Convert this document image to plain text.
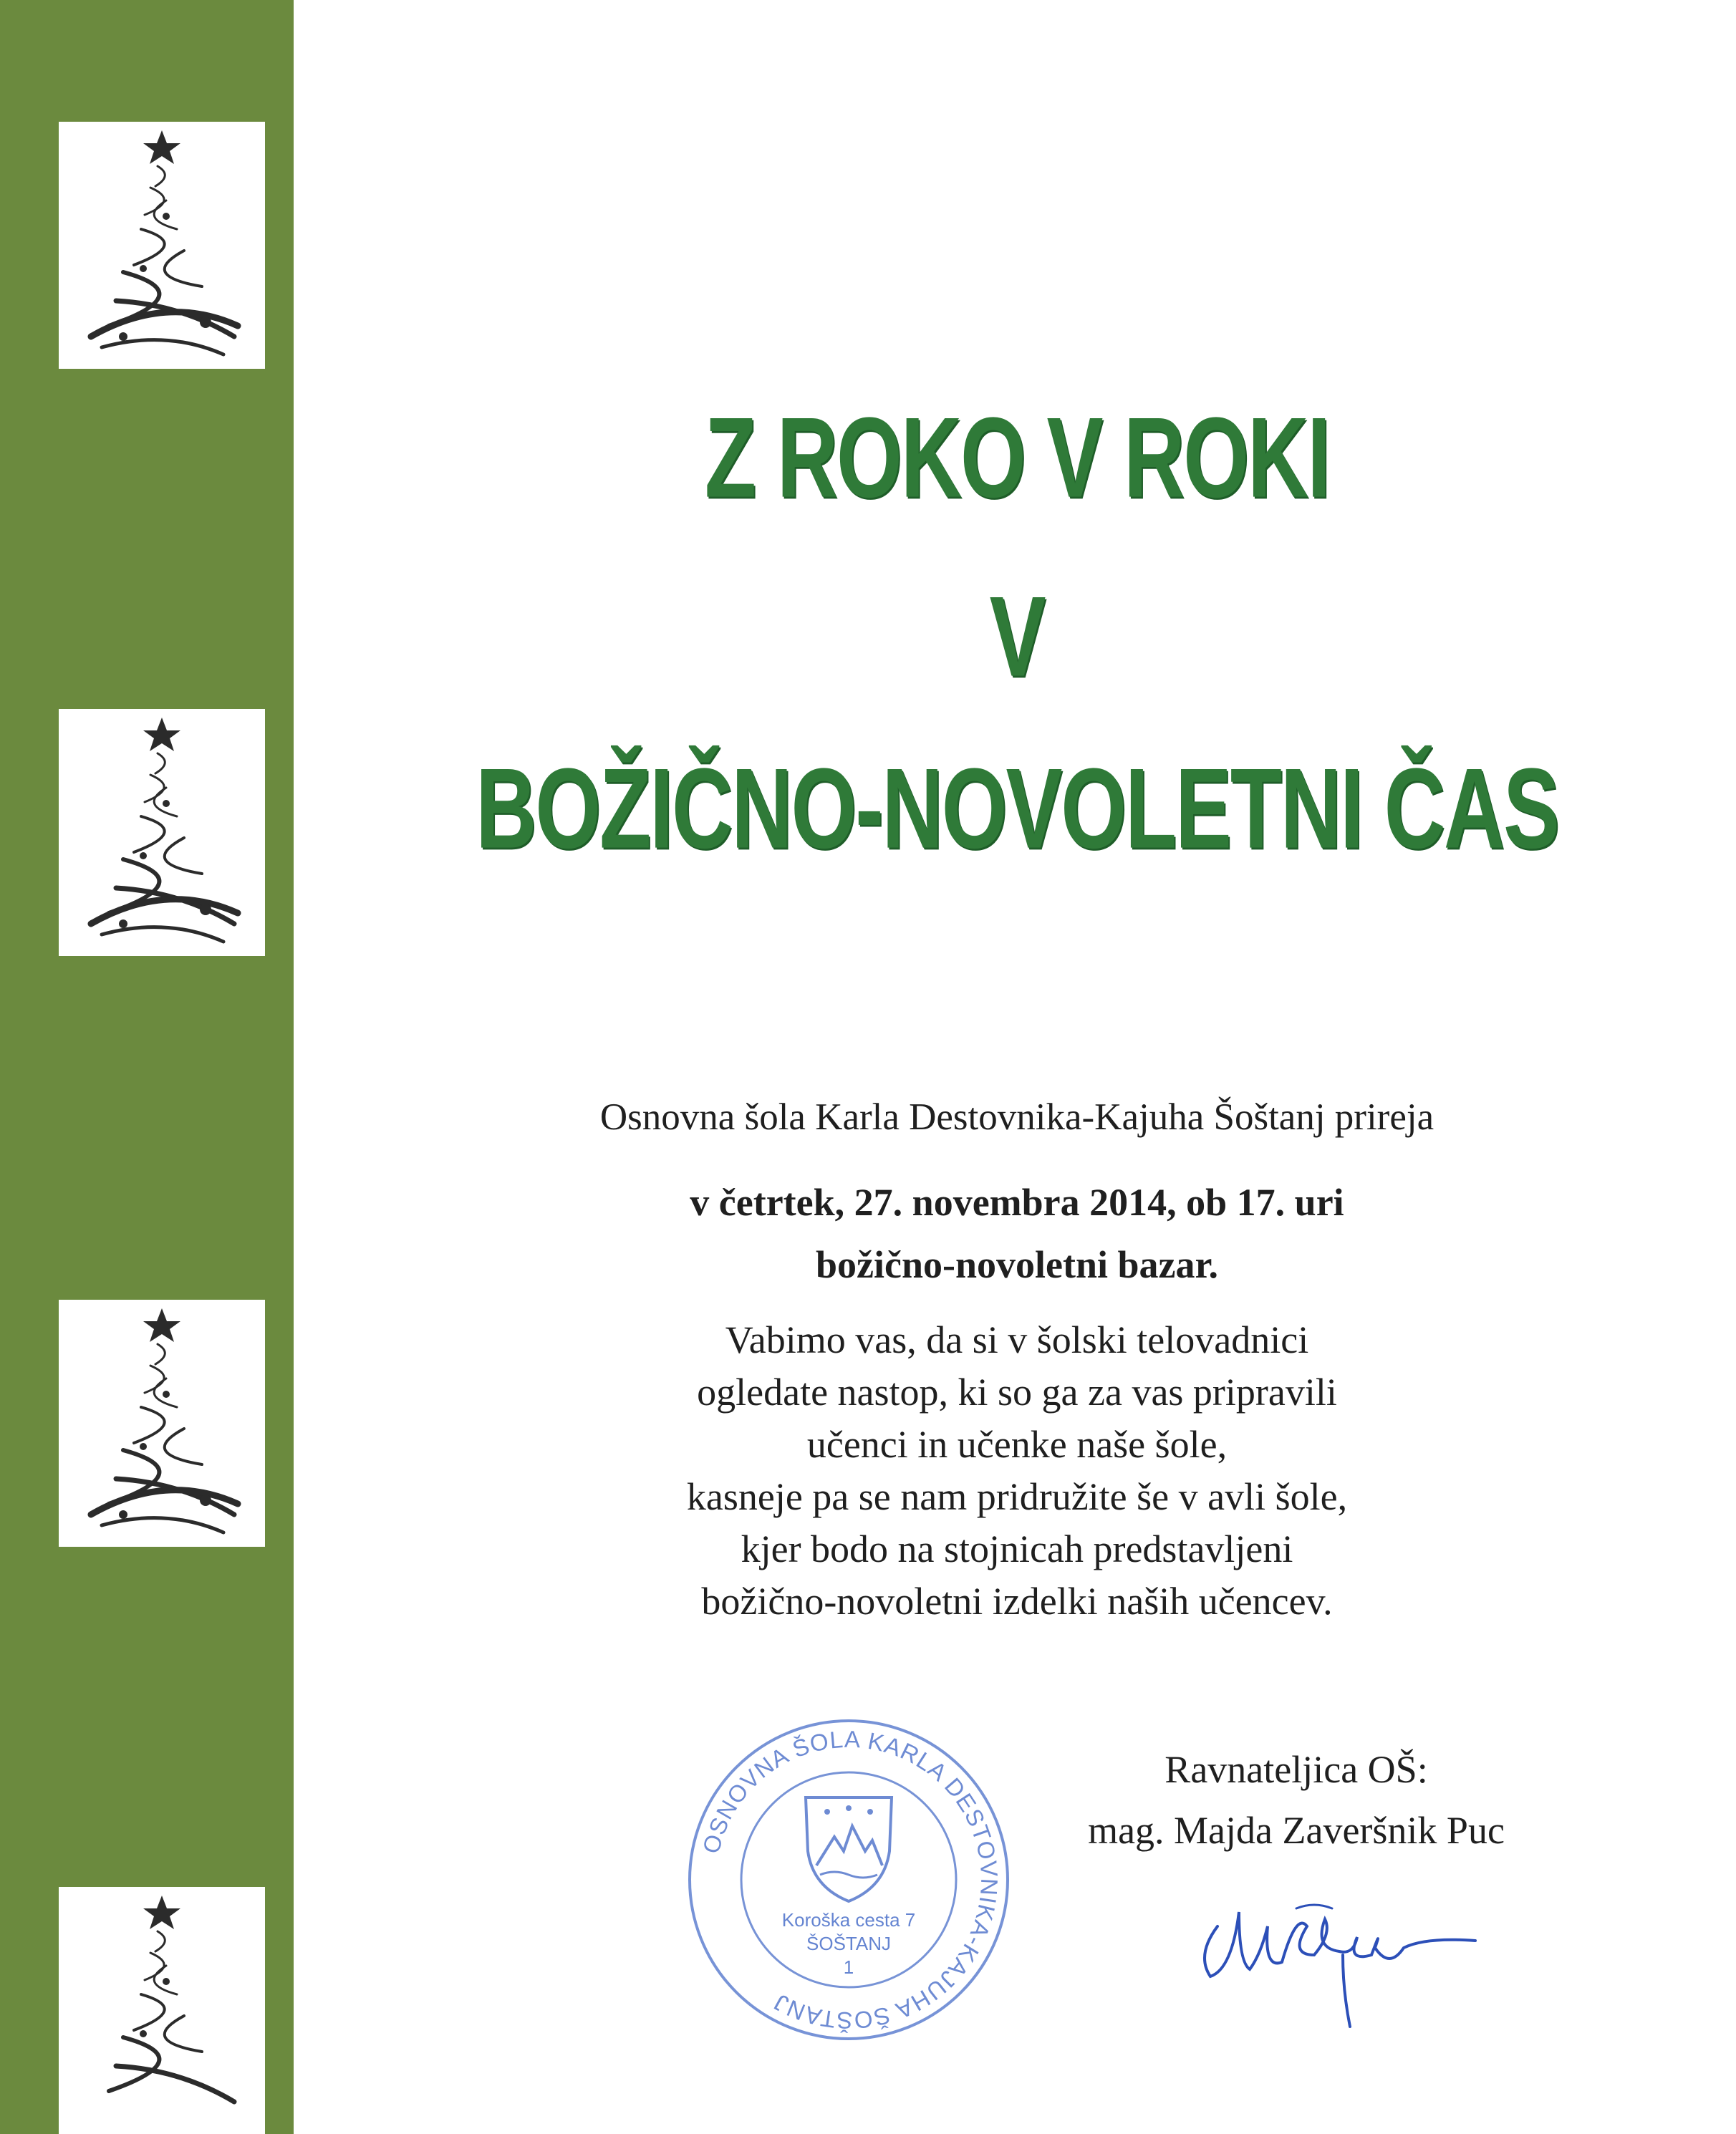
Z ROKO V ROKI
V
BOŽIČNO-NOVOLETNI ČAS
Osnovna šola Karla Destovnika-Kajuha Šoštanj prireja
v četrtek, 27. novembra 2014, ob 17. uri
božično-novoletni bazar.
Vabimo vas, da si v šolski telovadnici
ogledate nastop, ki so ga za vas pripravili
učenci in učenke naše šole,
kasneje pa se nam pridružite še v avli šole,
kjer bodo na stojnicah predstavljeni
božično-novoletni izdelki naših učencev.
OSNOVNA ŠOLA KARLA DESTOVNIKA-KAJUHA ŠOŠTANJ
Koroška cesta 7
ŠOŠTANJ
1
Ravnateljica OŠ:
mag. Majda Zaveršnik Puc
